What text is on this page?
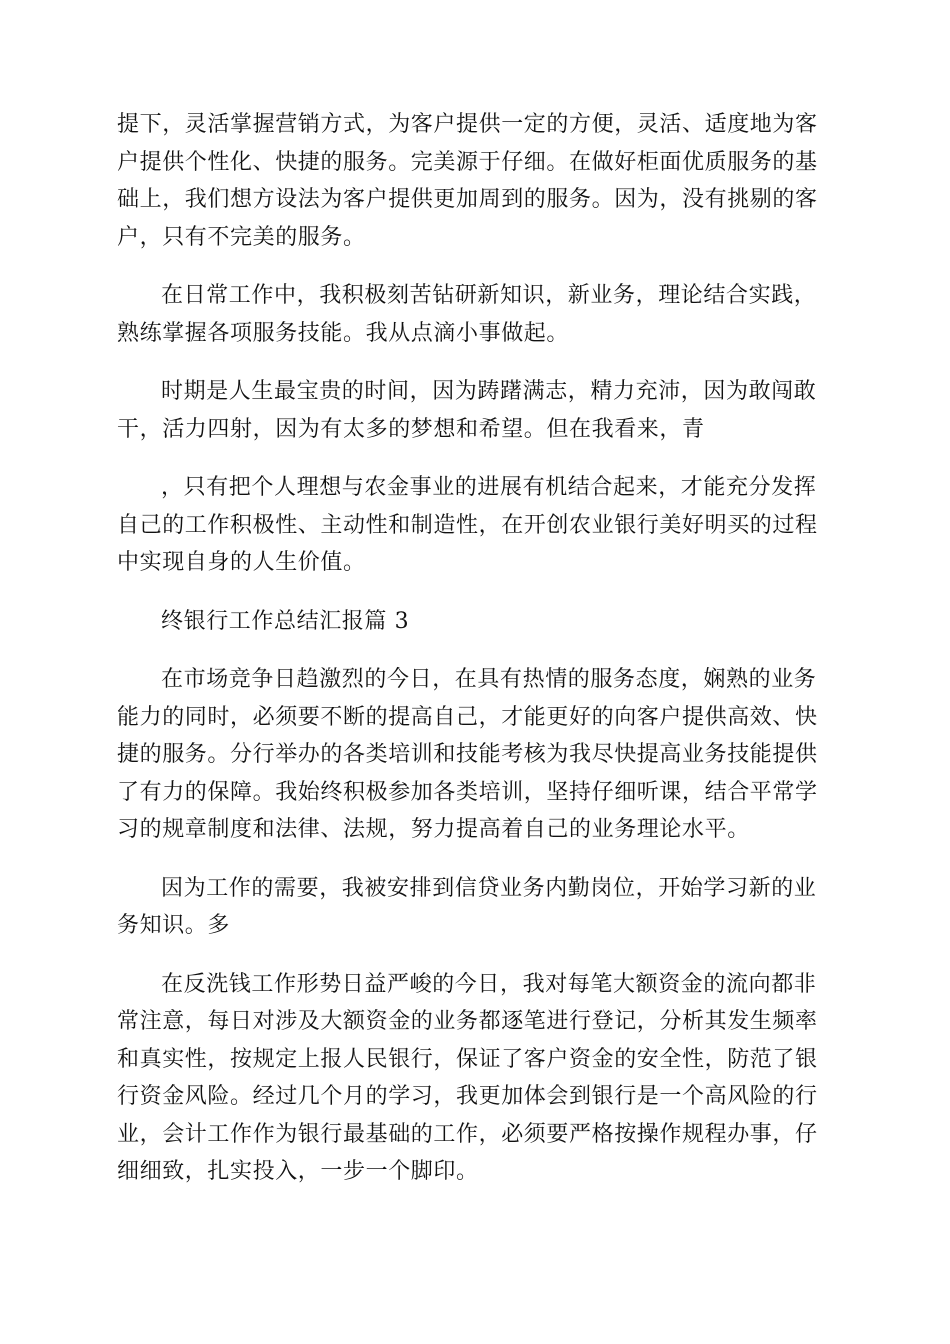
提下，灵活掌握营销方式，为客户提供一定的方便，灵活、适度地为客户提供个性化、快捷的服务。完美源于仔细。在做好柜面优质服务的基础上，我们想方设法为客户提供更加周到的服务。因为，没有挑剔的客户，只有不完美的服务。

在日常工作中，我积极刻苦钻研新知识，新业务，理论结合实践，熟练掌握各项服务技能。我从点滴小事做起。

时期是人生最宝贵的时间，因为踌躇满志，精力充沛，因为敢闯敢干，活力四射，因为有太多的梦想和希望。但在我看来，青

，只有把个人理想与农金事业的进展有机结合起来，才能充分发挥自己的工作积极性、主动性和制造性，在开创农业银行美好明买的过程中实现自身的人生价值。

终银行工作总结汇报篇 3

在市场竞争日趋激烈的今日，在具有热情的服务态度，娴熟的业务能力的同时，必须要不断的提高自己，才能更好的向客户提供高效、快捷的服务。分行举办的各类培训和技能考核为我尽快提高业务技能提供了有力的保障。我始终积极参加各类培训，坚持仔细听课，结合平常学习的规章制度和法律、法规，努力提高着自己的业务理论水平。

因为工作的需要，我被安排到信贷业务内勤岗位，开始学习新的业务知识。多

在反洗钱工作形势日益严峻的今日，我对每笔大额资金的流向都非常注意，每日对涉及大额资金的业务都逐笔进行登记，分析其发生频率和真实性，按规定上报人民银行，保证了客户资金的安全性，防范了银行资金风险。经过几个月的学习，我更加体会到银行是一个高风险的行业，会计工作作为银行最基础的工作，必须要严格按操作规程办事，仔细细致，扎实投入，一步一个脚印。
